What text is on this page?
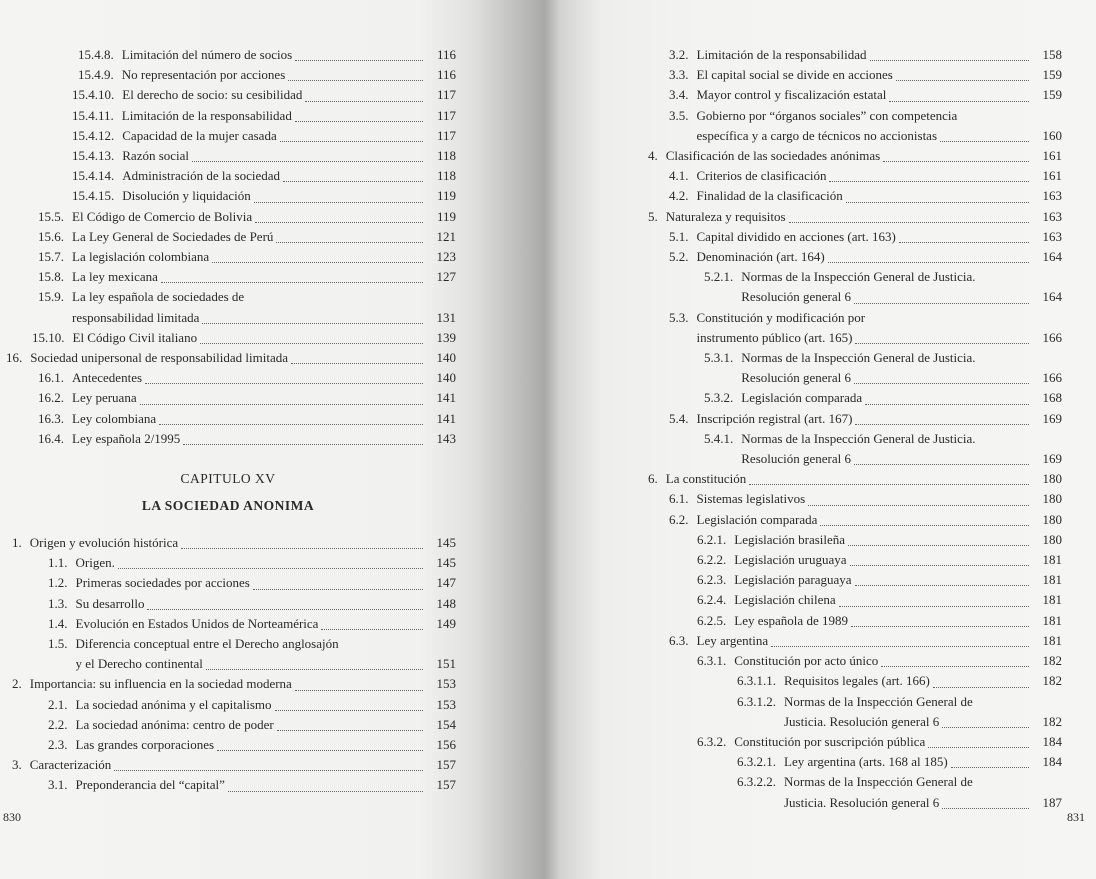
15.4.8. Limitación del número de socios	116
15.4.9. No representación por acciones	116
15.4.10. El derecho de socio: su cesibilidad	117
15.4.11. Limitación de la responsabilidad	117
15.4.12. Capacidad de la mujer casada	117
15.4.13. Razón social	118
15.4.14. Administración de la sociedad	118
15.4.15. Disolución y liquidación	119
15.5. El Código de Comercio de Bolivia	119
15.6. La Ley General de Sociedades de Perú	121
15.7. La legislación colombiana	123
15.8. La ley mexicana	127
15.9. La ley española de sociedades de
responsabilidad limitada	131
15.10. El Código Civil italiano	139
16. Sociedad unipersonal de responsabilidad limitada	140
16.1. Antecedentes	140
16.2. Ley peruana	141
16.3. Ley colombiana	141
16.4. Ley española 2/1995	143
CAPITULO XV
LA SOCIEDAD ANONIMA
1. Origen y evolución histórica	145
1.1. Origen.	145
1.2. Primeras sociedades por acciones	147
1.3. Su desarrollo	148
1.4. Evolución en Estados Unidos de Norteamérica	149
1.5. Diferencia conceptual entre el Derecho anglosajón
y el Derecho continental	151
2. Importancia: su influencia en la sociedad moderna	153
2.1. La sociedad anónima y el capitalismo	153
2.2. La sociedad anónima: centro de poder	154
2.3. Las grandes corporaciones	156
3. Caracterización	157
3.1. Preponderancia del “capital”	157
830
3.2. Limitación de la responsabilidad	158
3.3. El capital social se divide en acciones	159
3.4. Mayor control y fiscalización estatal	159
3.5. Gobierno por “órganos sociales” con competencia
específica y a cargo de técnicos no accionistas	160
4. Clasificación de las sociedades anónimas	161
4.1. Criterios de clasificación	161
4.2. Finalidad de la clasificación	163
5. Naturaleza y requisitos	163
5.1. Capital dividido en acciones (art. 163)	163
5.2. Denominación (art. 164)	164
5.2.1. Normas de la Inspección General de Justicia.
Resolución general 6	164
5.3. Constitución y modificación por
instrumento público (art. 165)	166
5.3.1. Normas de la Inspección General de Justicia.
Resolución general 6	166
5.3.2. Legislación comparada	168
5.4. Inscripción registral (art. 167)	169
5.4.1. Normas de la Inspección General de Justicia.
Resolución general 6	169
6. La constitución	180
6.1. Sistemas legislativos	180
6.2. Legislación comparada	180
6.2.1. Legislación brasileña	180
6.2.2. Legislación uruguaya	181
6.2.3. Legislación paraguaya	181
6.2.4. Legislación chilena	181
6.2.5. Ley española de 1989	181
6.3. Ley argentina	181
6.3.1. Constitución por acto único	182
6.3.1.1. Requisitos legales (art. 166)	182
6.3.1.2. Normas de la Inspección General de
Justicia. Resolución general 6	182
6.3.2. Constitución por suscripción pública	184
6.3.2.1. Ley argentina (arts. 168 al 185)	184
6.3.2.2. Normas de la Inspección General de
Justicia. Resolución general 6	187
831
